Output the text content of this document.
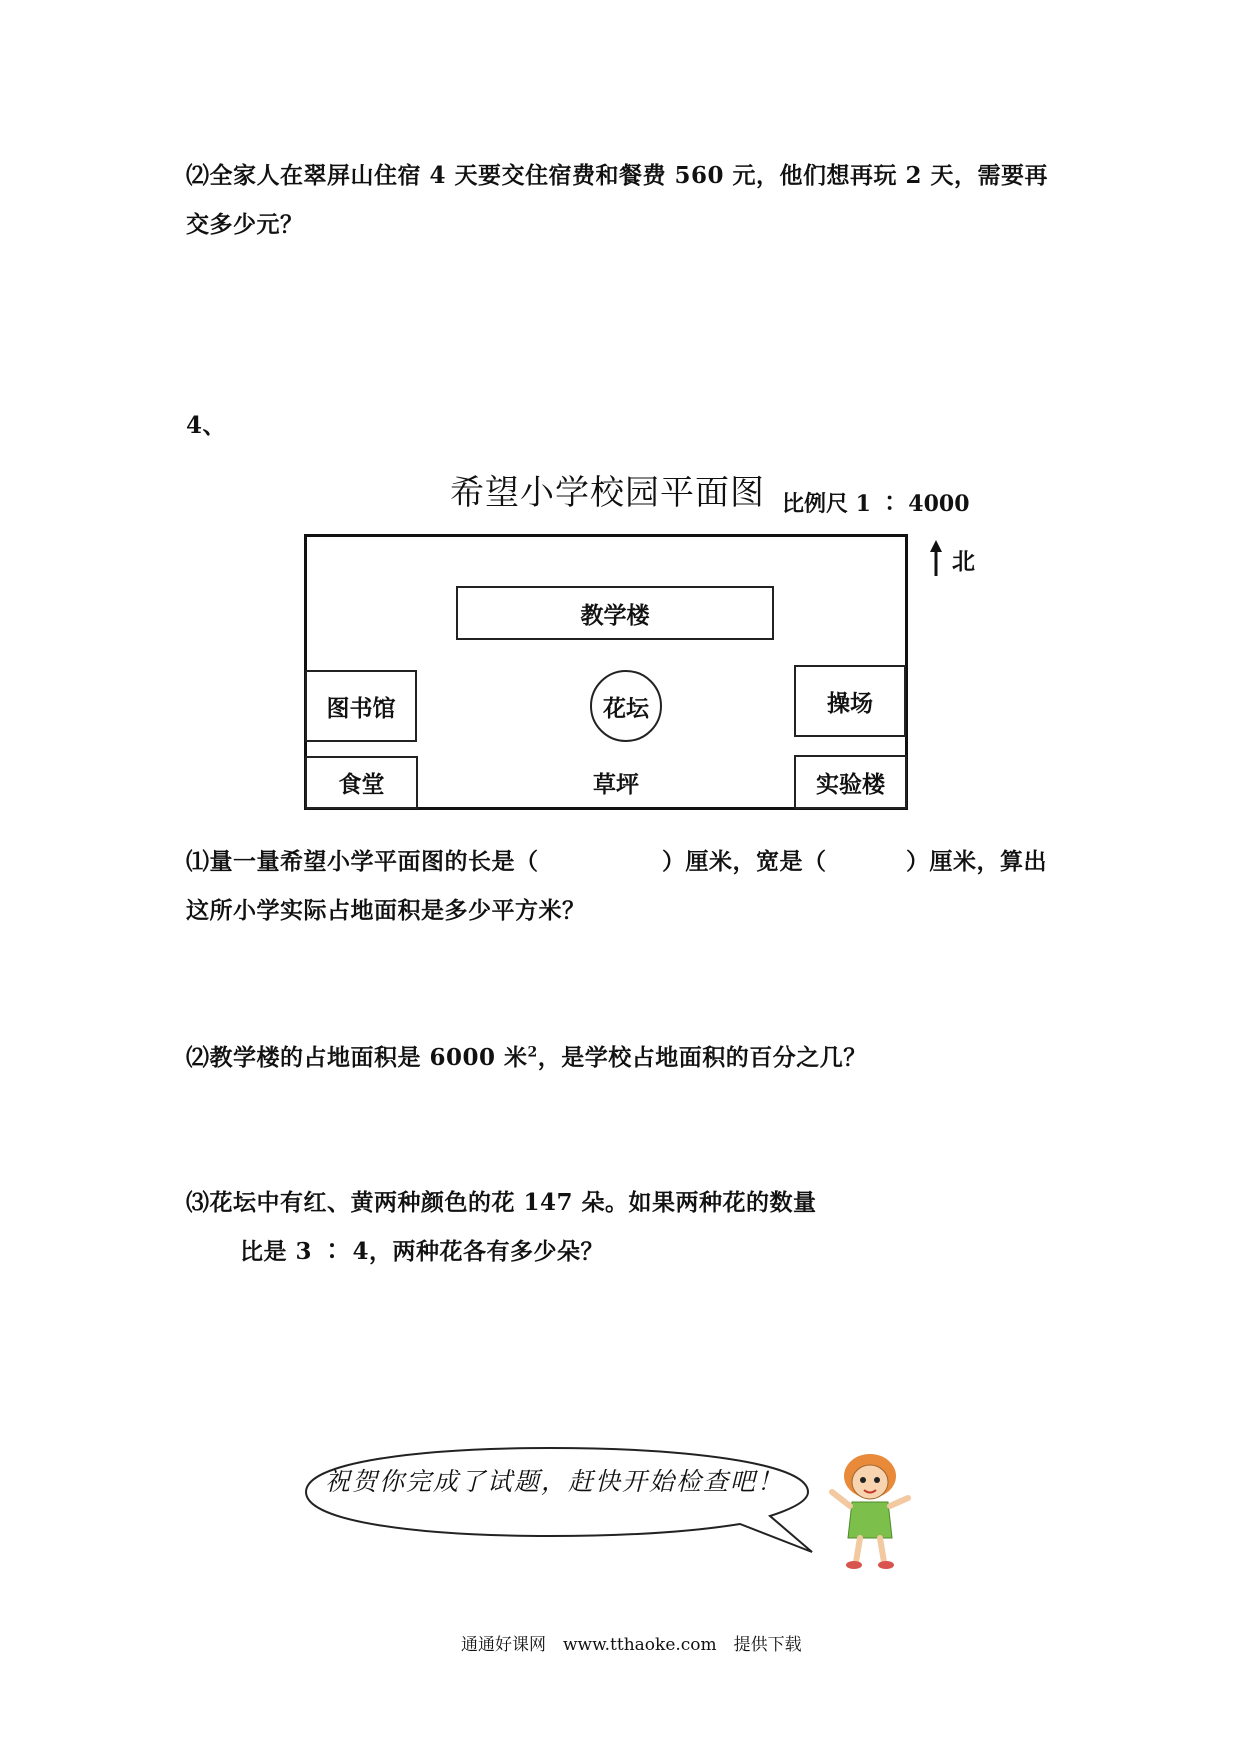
⑵全家人在翠屏山住宿 4 天要交住宿费和餐费 560 元，他们想再玩 2 天，需要再
交多少元？
4、
希望小学校园平面图 比例尺 1 ∶ 4000
北
教学楼
图书馆	操场
花坛
食堂	草坪	实验楼
⑴量一量希望小学平面图的长是（	）厘米，宽是（	）厘米，算出
这所小学实际占地面积是多少平方米？
⑵教学楼的占地面积是 6000 米$^2$，是学校占地面积的百分之几？
⑶花坛中有红、黄两种颜色的花 147 朵。如果两种花的数量
比是 3 ∶ 4，两种花各有多少朵？
祝贺你完成了试题，赶快开始检查吧！
通通好课网　www.tthaoke.com　提供下载
